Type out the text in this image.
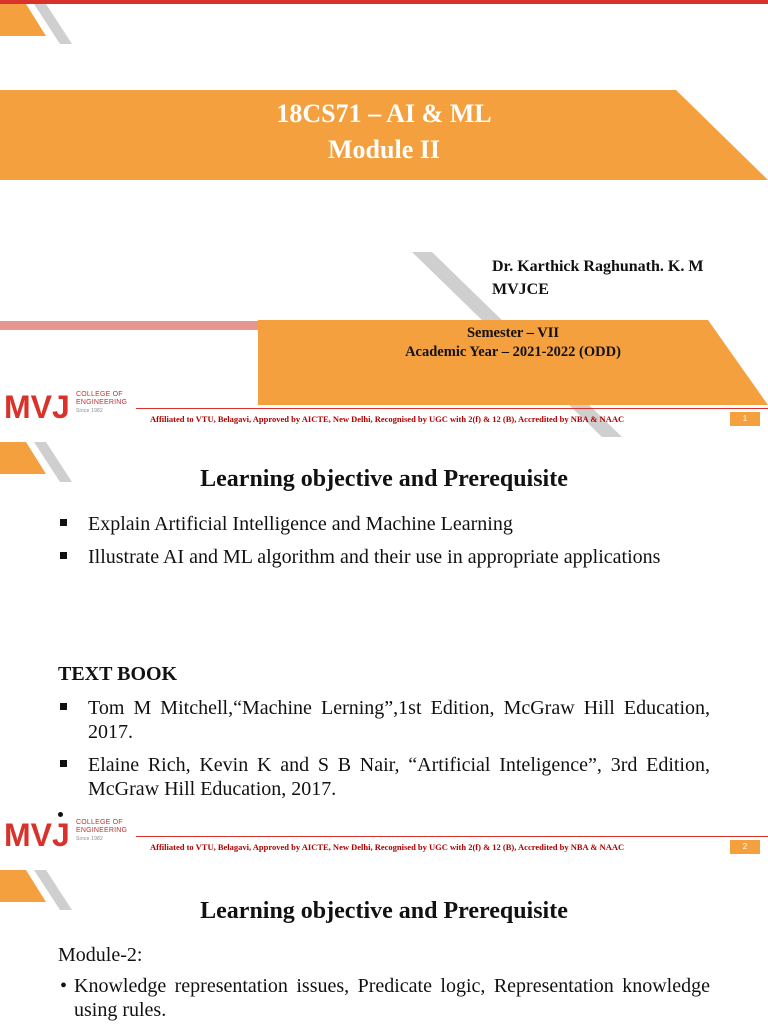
18CS71 – AI & ML
Module II
Dr. Karthick Raghunath. K. M
MVJCE
Semester – VII
Academic Year – 2021-2022 (ODD)
MVJ COLLEGE OF
ENGINEERING
Since 1982
Affiliated to VTU, Belagavi, Approved by AICTE, New Delhi, Recognised by UGC with 2(f) & 12 (B), Accredited by NBA & NAAC	1
Learning objective and Prerequisite
Explain Artificial Intelligence and Machine Learning
Illustrate AI and ML algorithm and their use in appropriate applications
TEXT BOOK
Tom M Mitchell,“Machine Lerning”,1st Edition, McGraw Hill Education, 2017.
Elaine Rich, Kevin K and S B Nair, “Artificial Inteligence”, 3rd Edition, McGraw Hill Education, 2017.
MVJ COLLEGE OF
ENGINEERING
Since 1982
Affiliated to VTU, Belagavi, Approved by AICTE, New Delhi, Recognised by UGC with 2(f) & 12 (B), Accredited by NBA & NAAC	2
Learning objective and Prerequisite
Module-2:
• Knowledge representation issues, Predicate logic, Representation knowledge using rules.
